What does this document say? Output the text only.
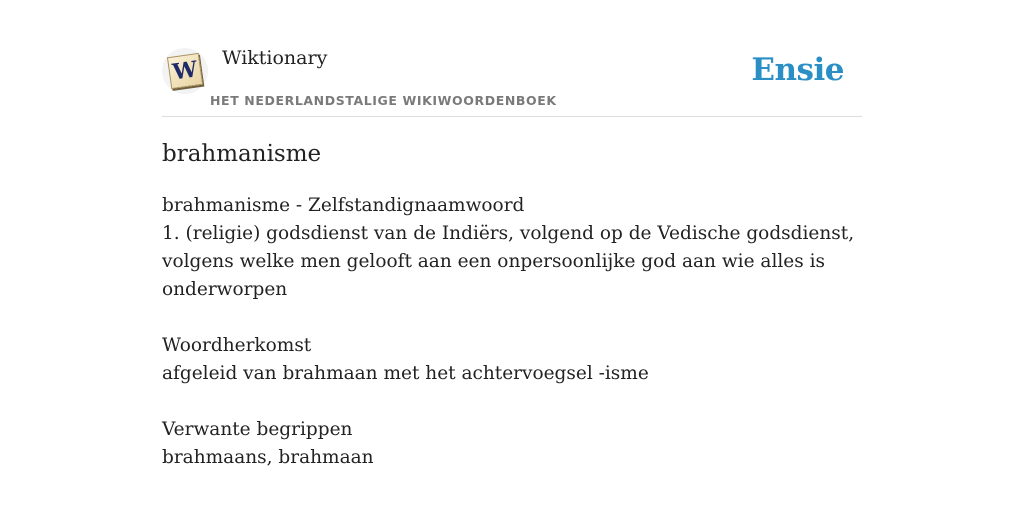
W Wiktionary
HET NEDERLANDSTALIGE WIKIWOORDENBOEK
Ensie
brahmanisme

brahmanisme - Zelfstandignaamwoord

1. (religie) godsdienst van de Indiërs, volgend op de Vedische godsdienst, volgens welke men gelooft aan een onpersoonlijke god aan wie alles is onderworpen

Woordherkomst

afgeleid van brahmaan met het achtervoegsel -isme

Verwante begrippen

brahmaans, brahmaan
